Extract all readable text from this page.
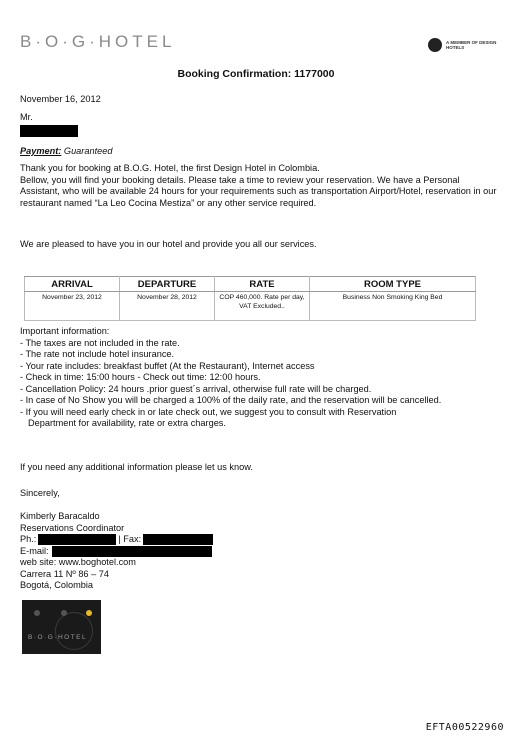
B·O·G·HOTEL	A MEMBER OF DESIGN HOTELS
Booking Confirmation: 1177000
November 16, 2012
Mr.
Payment: Guaranteed
Thank you for booking at B.O.G. Hotel, the first Design Hotel in Colombia.
Bellow, you will find your booking details. Please take a time to review your reservation. We have a Personal Assistant, who will be available 24 hours for your requirements such as transportation Airport/Hotel, reservation in our restaurant named “La Leo Cocina Mestiza” or any other service required.
We are pleased to have you in our hotel and provide you all our services.
ARRIVAL	DEPARTURE	RATE	ROOM TYPE
November 23, 2012	November 28, 2012	COP 460,000. Rate per day, VAT Excluded..	Business Non Smoking King Bed
Important information:
- The taxes are not included in the rate.
- The rate not include hotel insurance.
- Your rate includes: breakfast buffet (At the Restaurant), Internet access
- Check in time: 15:00 hours - Check out time: 12:00 hours.
- Cancellation Policy: 24 hours .prior guest´s arrival, otherwise full rate will be charged.
- In case of No Show you will be charged a 100% of the daily rate, and the reservation will be cancelled.
- If you will need early check in or late check out, we suggest you to consult with Reservation
Department for availability, rate or extra charges.
If you need any additional information please let us know.
Sincerely,
Kimberly Baracaldo
Reservations Coordinator
Ph.:	| Fax:
E-mail:
web site: www.boghotel.com
Carrera 11 Nº 86 – 74
Bogotá, Colombia
B·O·G·HOTEL
EFTA00522960
